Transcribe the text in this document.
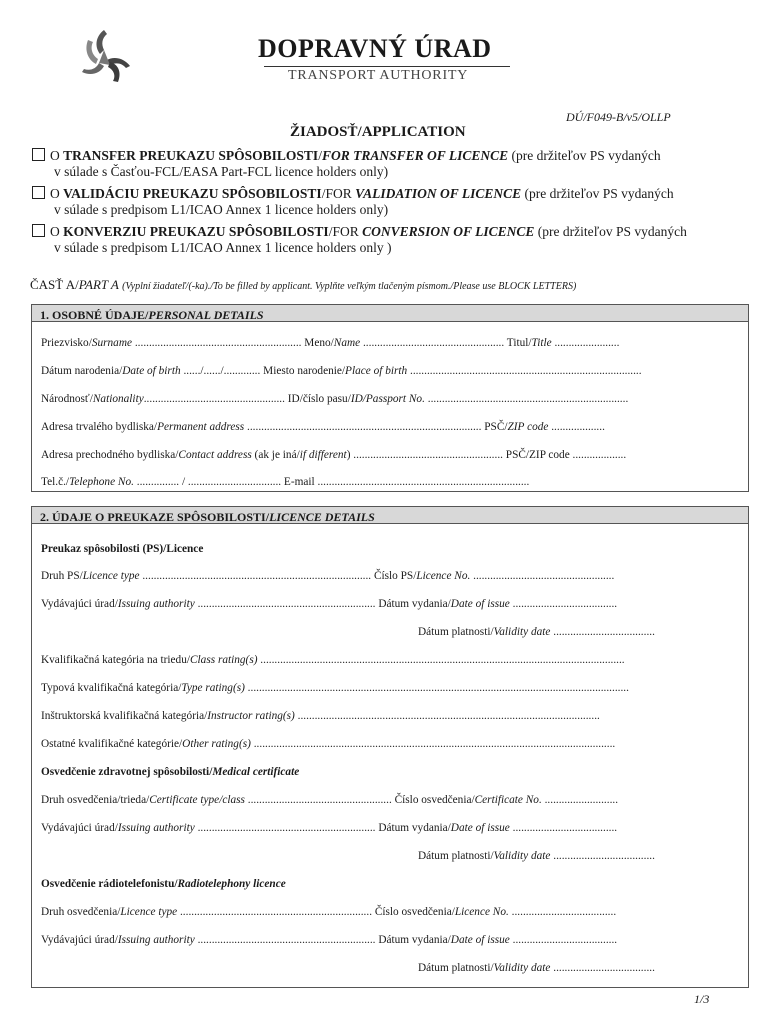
DOPRAVNÝ ÚRAD
TRANSPORT AUTHORITY
DÚ/F049-B/v5/OLLP
ŽIADOSŤ/APPLICATION
O TRANSFER PREUKAZU SPÔSOBILOSTI/FOR TRANSFER OF LICENCE (pre držiteľov PS vydaných
v súlade s Časťou-FCL/EASA Part-FCL licence holders only)
O VALIDÁCIU PREUKAZU SPÔSOBILOSTI/FOR VALIDATION OF LICENCE (pre držiteľov PS vydaných
v súlade s predpisom L1/ICAO Annex 1 licence holders only)
O KONVERZIU PREUKAZU SPÔSOBILOSTI/FOR CONVERSION OF LICENCE (pre držiteľov PS vydaných
v súlade s predpisom L1/ICAO Annex 1 licence holders only )
ČASŤ A/PART A (Vyplní žiadateľ/(-ka)./To be filled by applicant. Vyplňte veľkým tlačeným písmom./Please use BLOCK LETTERS)
1. OSOBNÉ ÚDAJE/PERSONAL DETAILS
Priezvisko/Surname ........................................................... Meno/Name .................................................. Titul/Title .......................
Dátum narodenia/Date of birth ....../....../............. Miesto narodenie/Place of birth ..................................................................................
Národnosť/Nationality.................................................. ID/číslo pasu/ID/Passport No. .......................................................................
Adresa trvalého bydliska/Permanent address ................................................................................... PSČ/ZIP code ...................
Adresa prechodného bydliska/Contact address (ak je iná/if different) ..................................................... PSČ/ZIP code ...................
Tel.č./Telephone No. ............... / ................................. E-mail ...........................................................................
2. ÚDAJE O PREUKAZE SPÔSOBILOSTI/LICENCE DETAILS
Preukaz spôsobilosti (PS)/Licence
Druh PS/Licence type ................................................................................. Číslo PS/Licence No. ..................................................
Vydávajúci úrad/Issuing authority ............................................................... Dátum vydania/Date of issue .....................................
Dátum platnosti/Validity date ....................................
Kvalifikačná kategória na triedu/Class rating(s) .................................................................................................................................
Typová kvalifikačná kategória/Type rating(s) .......................................................................................................................................
Inštruktorská kvalifikačná kategória/Instructor rating(s) ...........................................................................................................
Ostatné kvalifikačné kategórie/Other rating(s) ................................................................................................................................
Osvedčenie zdravotnej spôsobilosti/Medical certificate
Druh osvedčenia/trieda/Certificate type/class ................................................... Číslo osvedčenia/Certificate No. ..........................
Vydávajúci úrad/Issuing authority ............................................................... Dátum vydania/Date of issue .....................................
Dátum platnosti/Validity date ....................................
Osvedčenie rádiotelefonistu/Radiotelephony licence
Druh osvedčenia/Licence type .................................................................... Číslo osvedčenia/Licence No. .....................................
Vydávajúci úrad/Issuing authority ............................................................... Dátum vydania/Date of issue .....................................
Dátum platnosti/Validity date ....................................
1/3
